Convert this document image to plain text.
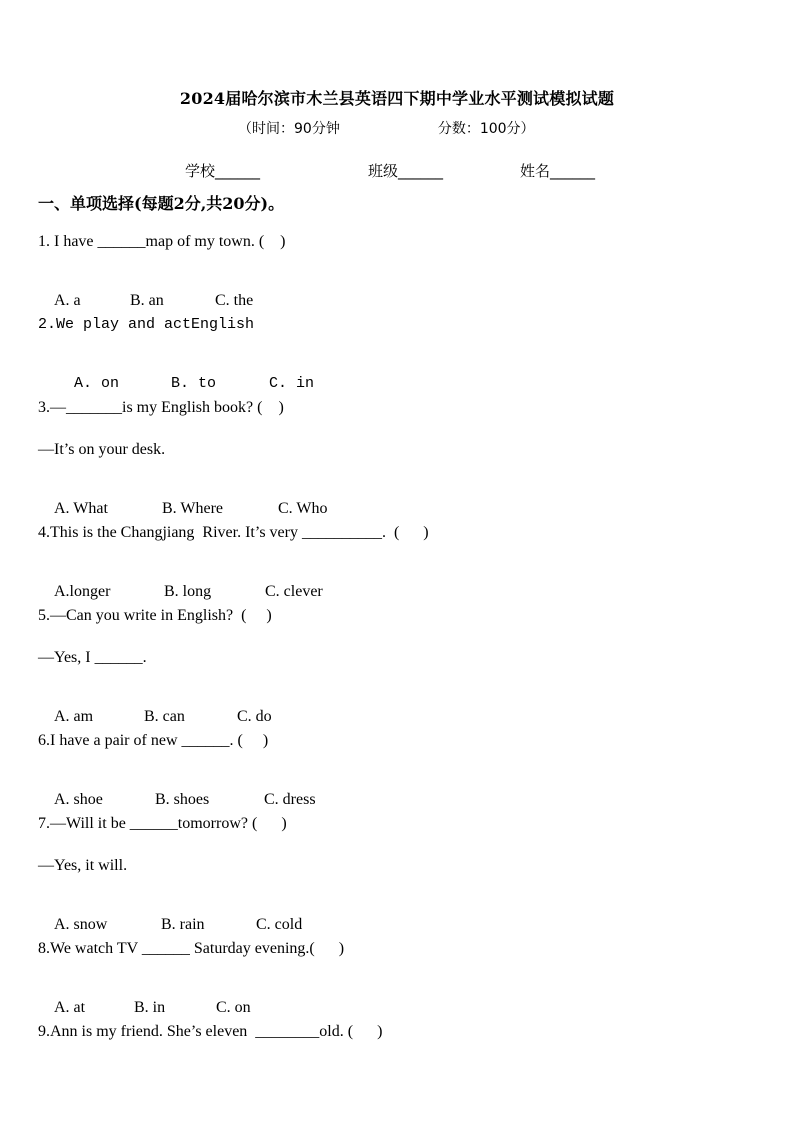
2024届哈尔滨市木兰县英语四下期中学业水平测试模拟试题
（时间：90分钟	分数：100分）
学校______	班级______	姓名______
一、单项选择(每题2分,共20分)。
1. I have ______map of my town. (    )

A. a	B. an	C. the

2.We play and actEnglish

A. on	B. to	C. in

3.—_______is my English book? (    )
—It’s on your desk.

A. What	B. Where	C. Who

4.This is the Changjiang  River. It’s very __________.  (      )

A.longer	B. long	C. clever

5.—Can you write in English?  (     )
—Yes, I ______.

A. am	B. can	C. do

6.I have a pair of new ______. (     )

A. shoe	B. shoes	C. dress

7.—Will it be ______tomorrow? (      )
—Yes, it will.

A. snow	B. rain	C. cold

8.We watch TV ______ Saturday evening.(      )

A. at	B. in	C. on

9.Ann is my friend. She’s eleven  ________old. (      )
